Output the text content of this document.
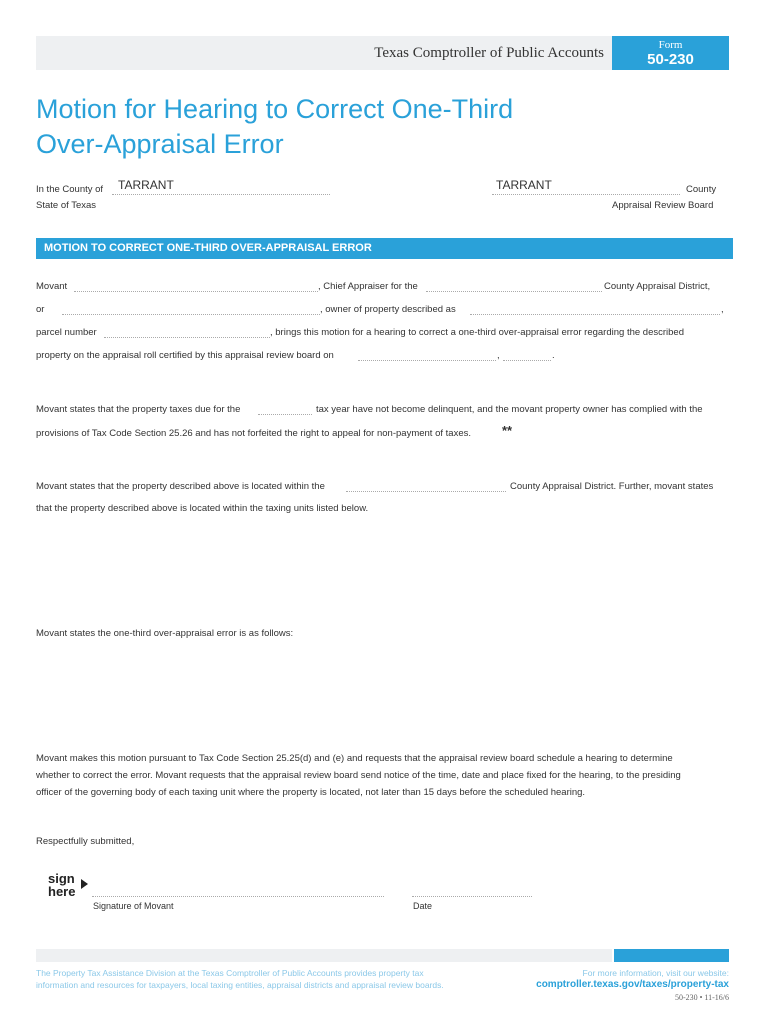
Texas Comptroller of Public Accounts	Form
50-230
Motion for Hearing to Correct One-Third
Over-Appraisal Error
In the County of TARRANT
State of Texas
TARRANT	County
Appraisal Review Board
MOTION TO CORRECT ONE-THIRD OVER-APPRAISAL ERROR
Movant	, Chief Appraiser for the	County Appraisal District,
or	, owner of property described as	,
parcel number	, brings this motion for a hearing to correct a one-third over-appraisal error regarding the described
property on the appraisal roll certified by this appraisal review board on	,	.
Movant states that the property taxes due for the	tax year have not become delinquent, and the movant property owner has complied with the
provisions of Tax Code Section 25.26 and has not forfeited the right to appeal for non-payment of taxes. **
Movant states that the property described above is located within the	County Appraisal District. Further, movant states
that the property described above is located within the taxing units listed below.
Movant states the one-third over-appraisal error is as follows:
Movant makes this motion pursuant to Tax Code Section 25.25(d) and (e) and requests that the appraisal review board schedule a hearing to determine
whether to correct the error. Movant requests that the appraisal review board send notice of the time, date and place fixed for the hearing, to the presiding
officer of the governing body of each taxing unit where the property is located, not later than 15 days before the scheduled hearing.
Respectfully submitted,
sign
here
Signature of Movant	Date
The Property Tax Assistance Division at the Texas Comptroller of Public Accounts provides property tax
information and resources for taxpayers, local taxing entities, appraisal districts and appraisal review boards.
For more information, visit our website:
comptroller.texas.gov/taxes/property-tax
50-230 • 11-16/6
